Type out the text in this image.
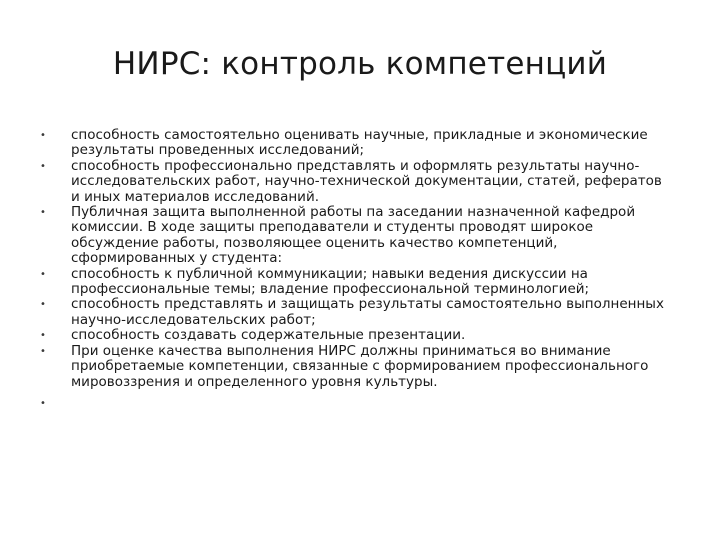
НИРС: контроль компетенций
•	способность самостоятельно оценивать научные, прикладные и экономические результаты проведенных исследований;
•	способность профессионально представлять и оформлять результаты научно-исследовательских работ, научно-технической документации, статей, рефератов и иных материалов исследований.
•	Публичная защита выполненной работы па заседании назначенной кафедрой комиссии. В ходе защиты преподаватели и студенты проводят широкое обсуждение работы, позволяющее оценить качество компетенций, сформированных у студента:
•	способность к публичной коммуникации; навыки ведения дискуссии на профессиональные темы; владение профессиональной терминологией;
•	способность представлять и защищать результаты самостоятельно выполненных научно-исследовательских работ;
•	способность создавать содержательные презентации.
•	При оценке качества выполнения НИРС должны приниматься во внимание приобретаемые компетенции, связанные с формированием профессионального мировоззрения и определенного уровня культуры.
•
